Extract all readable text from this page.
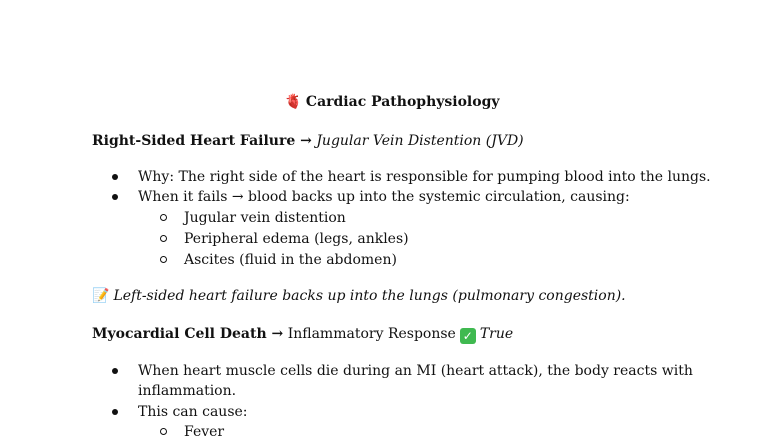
🫀 Cardiac Pathophysiology
Right-Sided Heart Failure → Jugular Vein Distention (JVD)
Why: The right side of the heart is responsible for pumping blood into the lungs.
When it fails → blood backs up into the systemic circulation, causing:
Jugular vein distention
Peripheral edema (legs, ankles)
Ascites (fluid in the abdomen)
📝 Left-sided heart failure backs up into the lungs (pulmonary congestion).
Myocardial Cell Death → Inflammatory Response ✓ True
When heart muscle cells die during an MI (heart attack), the body reacts with
inflammation.
This can cause:
Fever
